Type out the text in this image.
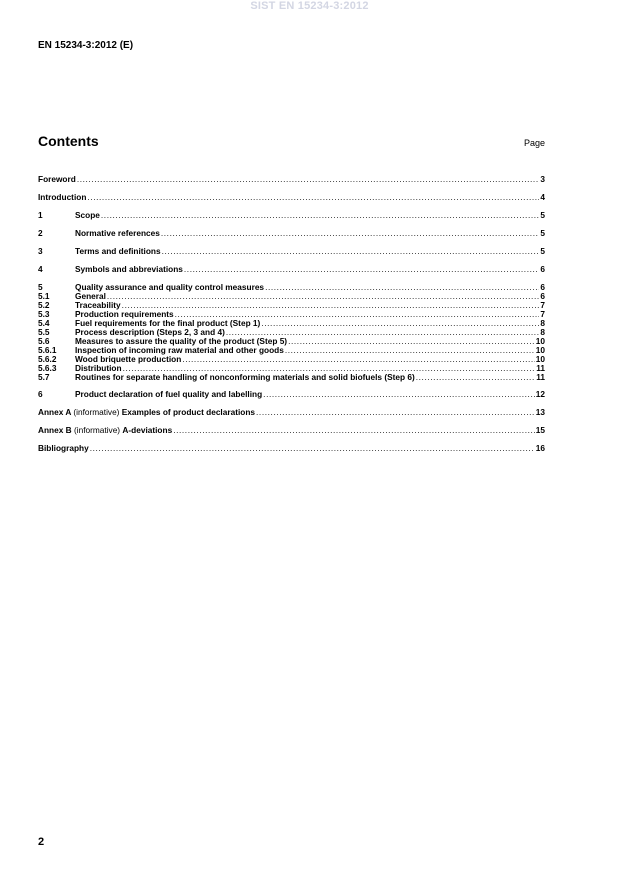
SIST EN 15234-3:2012
EN 15234-3:2012 (E)
Contents	Page
Foreword .....	3
Introduction .....	4
1	Scope .....	5
2	Normative references .....	5
3	Terms and definitions .....	5
4	Symbols and abbreviations .....	6
5	Quality assurance and quality control measures .....	6
5.1	General .....	6
5.2	Traceability .....	7
5.3	Production requirements .....	7
5.4	Fuel requirements for the final product (Step 1) .....	8
5.5	Process description (Steps 2, 3 and 4) .....	8
5.6	Measures to assure the quality of the product (Step 5) .....	10
5.6.1	Inspection of incoming raw material and other goods .....	10
5.6.2	Wood briquette production .....	10
5.6.3	Distribution .....	11
5.7	Routines for separate handling of nonconforming materials and solid biofuels (Step 6) .....	11
6	Product declaration of fuel quality and labelling .....	12
Annex A (informative) Examples of product declarations .....	13
Annex B (informative) A-deviations .....	15
Bibliography .....	16
2
